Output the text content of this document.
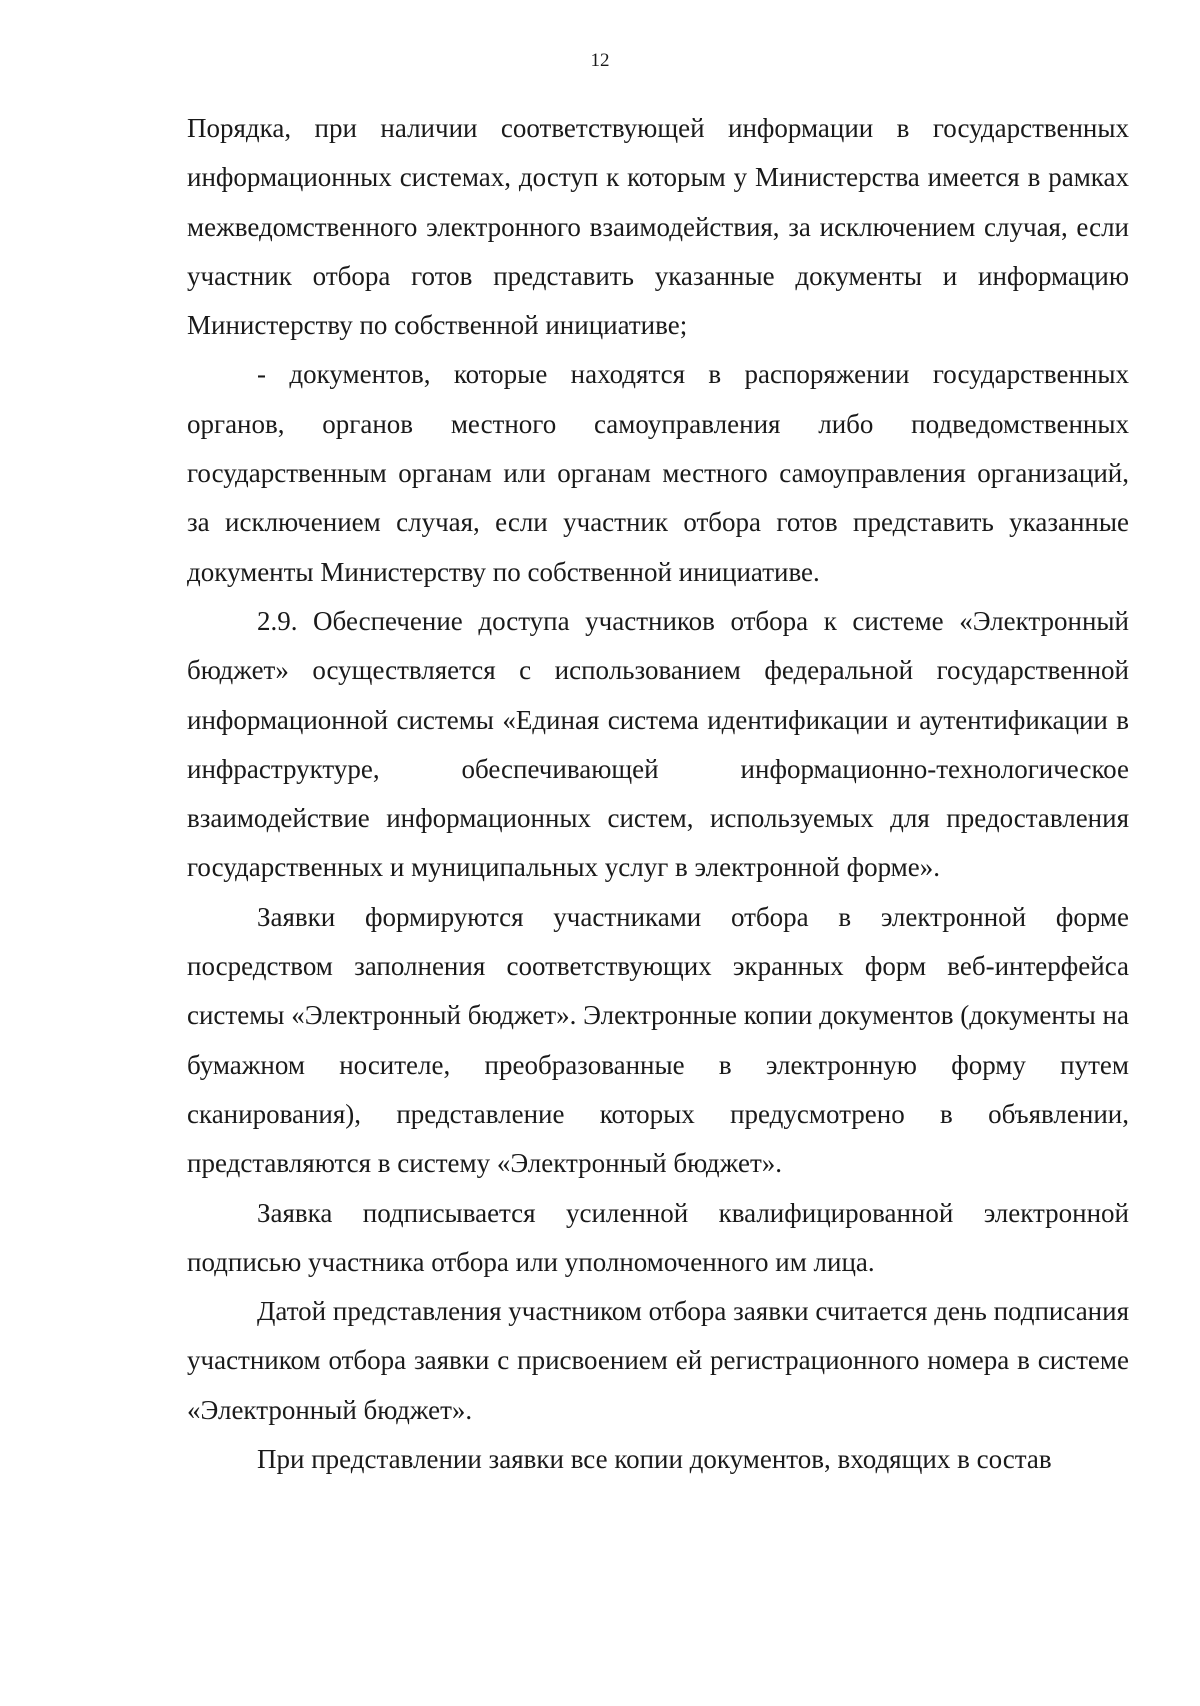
12

Порядка, при наличии соответствующей информации в государственных информационных системах, доступ к которым у Министерства имеется в рамках межведомственного электронного взаимодействия, за исключением случая, если участник отбора готов представить указанные документы и информацию Министерству по собственной инициативе;

- документов, которые находятся в распоряжении государственных органов, органов местного самоуправления либо подведомственных государственным органам или органам местного самоуправления организаций, за исключением случая, если участник отбора готов представить указанные документы Министерству по собственной инициативе.

2.9. Обеспечение доступа участников отбора к системе «Электронный бюджет» осуществляется с использованием федеральной государственной информационной системы «Единая система идентификации и аутентификации в инфраструктуре, обеспечивающей информационно-технологическое взаимодействие информационных систем, используемых для предоставления государственных и муниципальных услуг в электронной форме».

Заявки формируются участниками отбора в электронной форме посредством заполнения соответствующих экранных форм веб-интерфейса системы «Электронный бюджет». Электронные копии документов (документы на бумажном носителе, преобразованные в электронную форму путем сканирования), представление которых предусмотрено в объявлении, представляются в систему «Электронный бюджет».

Заявка подписывается усиленной квалифицированной электронной подписью участника отбора или уполномоченного им лица.

Датой представления участником отбора заявки считается день подписания участником отбора заявки с присвоением ей регистрационного номера в системе «Электронный бюджет».

При представлении заявки все копии документов, входящих в состав
